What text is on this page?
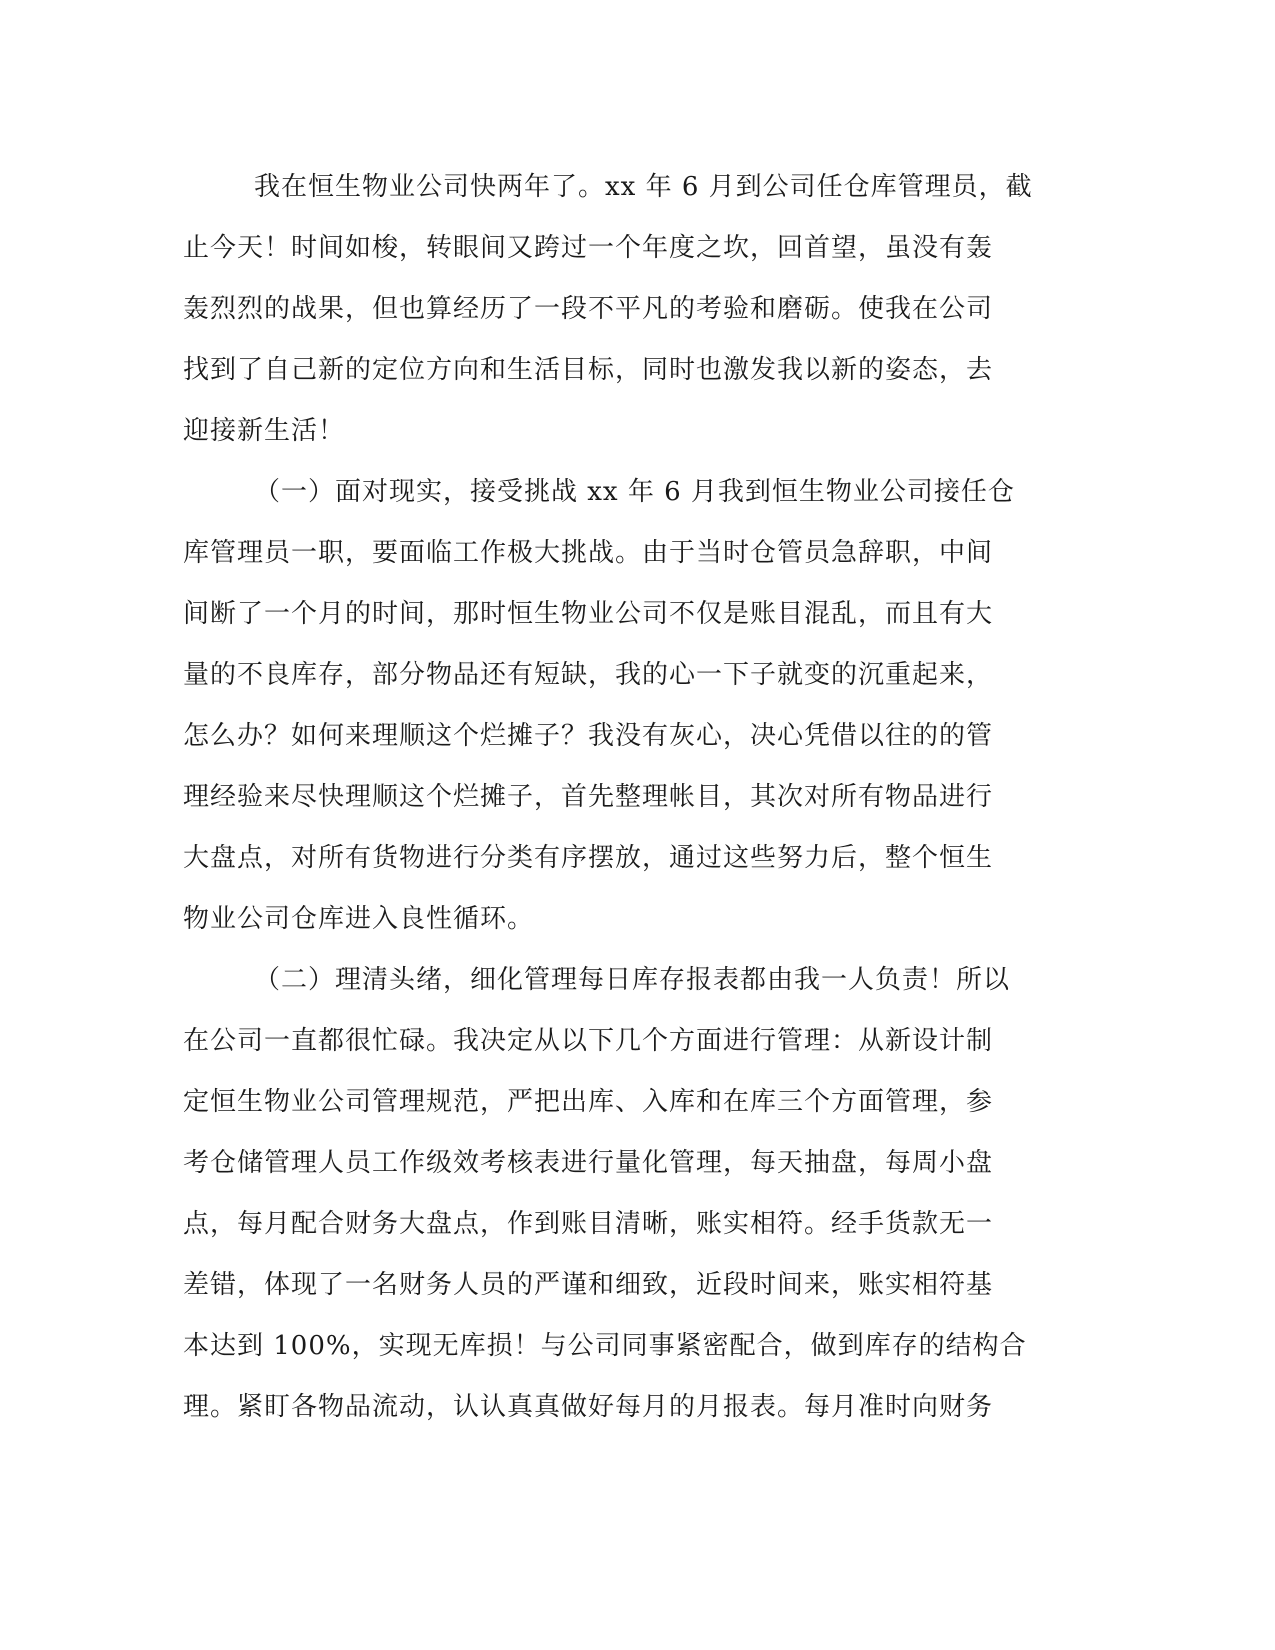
我在恒生物业公司快两年了。xx 年 6 月到公司任仓库管理员，截
止今天！时间如梭，转眼间又跨过一个年度之坎，回首望，虽没有轰
轰烈烈的战果，但也算经历了一段不平凡的考验和磨砺。使我在公司
找到了自己新的定位方向和生活目标，同时也激发我以新的姿态，去
迎接新生活！
（一）面对现实，接受挑战 xx 年 6 月我到恒生物业公司接任仓
库管理员一职，要面临工作极大挑战。由于当时仓管员急辞职，中间
间断了一个月的时间，那时恒生物业公司不仅是账目混乱，而且有大
量的不良库存，部分物品还有短缺，我的心一下子就变的沉重起来，
怎么办？如何来理顺这个烂摊子？我没有灰心，决心凭借以往的的管
理经验来尽快理顺这个烂摊子，首先整理帐目，其次对所有物品进行
大盘点，对所有货物进行分类有序摆放，通过这些努力后，整个恒生
物业公司仓库进入良性循环。
（二）理清头绪，细化管理每日库存报表都由我一人负责！所以
在公司一直都很忙碌。我决定从以下几个方面进行管理：从新设计制
定恒生物业公司管理规范，严把出库、入库和在库三个方面管理，参
考仓储管理人员工作级效考核表进行量化管理，每天抽盘，每周小盘
点，每月配合财务大盘点，作到账目清晰，账实相符。经手货款无一
差错，体现了一名财务人员的严谨和细致，近段时间来，账实相符基
本达到 100%，实现无库损！与公司同事紧密配合，做到库存的结构合
理。紧盯各物品流动，认认真真做好每月的月报表。每月准时向财务
